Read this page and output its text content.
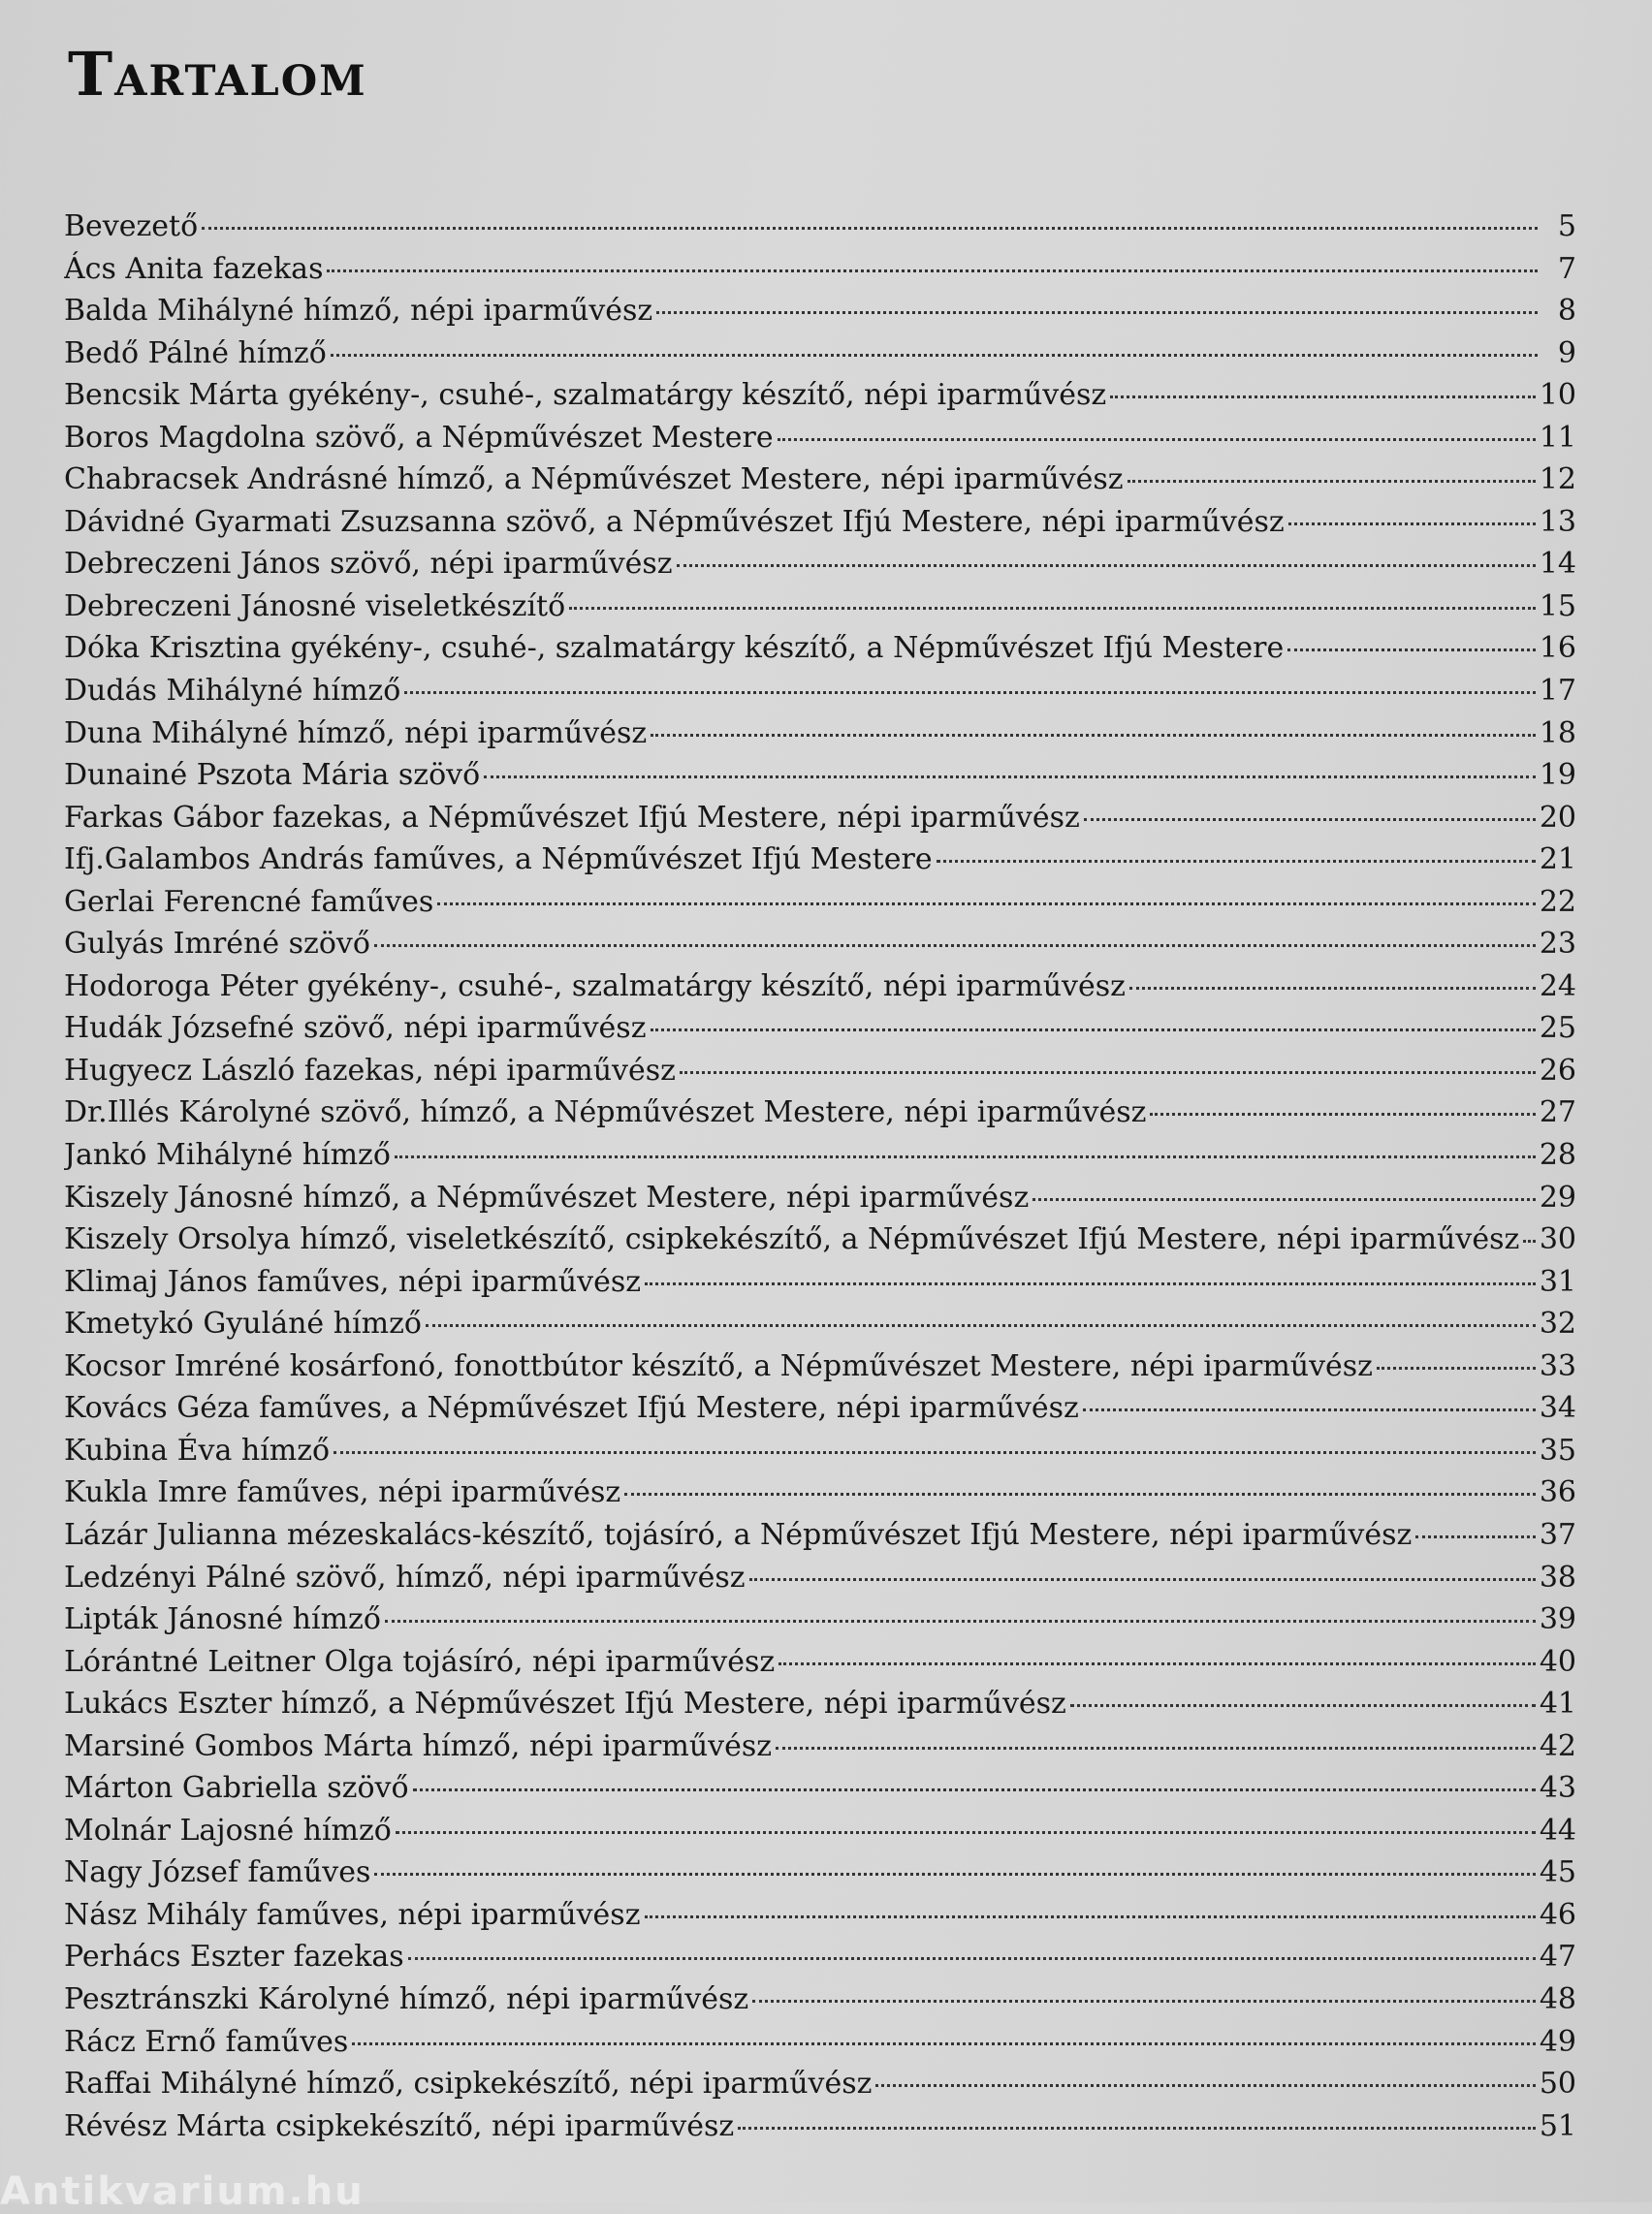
Tartalom
Bevezető	5
Ács Anita fazekas	7
Balda Mihályné hímző, népi iparművész	8
Bedő Pálné hímző	9
Bencsik Márta gyékény-, csuhé-, szalmatárgy készítő, népi iparművész	10
Boros Magdolna szövő, a Népművészet Mestere	11
Chabracsek Andrásné hímző, a Népművészet Mestere, népi iparművész	12
Dávidné Gyarmati Zsuzsanna szövő, a Népművészet Ifjú Mestere, népi iparművész	13
Debreczeni János szövő, népi iparművész	14
Debreczeni Jánosné viseletkészítő	15
Dóka Krisztina gyékény-, csuhé-, szalmatárgy készítő, a Népművészet Ifjú Mestere	16
Dudás Mihályné hímző	17
Duna Mihályné hímző, népi iparművész	18
Dunainé Pszota Mária szövő	19
Farkas Gábor fazekas, a Népművészet Ifjú Mestere, népi iparművész	20
Ifj.Galambos András faműves, a Népművészet Ifjú Mestere	21
Gerlai Ferencné faműves	22
Gulyás Imréné szövő	23
Hodoroga Péter gyékény-, csuhé-, szalmatárgy készítő, népi iparművész	24
Hudák Józsefné szövő, népi iparművész	25
Hugyecz László fazekas, népi iparművész	26
Dr.Illés Károlyné szövő, hímző, a Népművészet Mestere, népi iparművész	27
Jankó Mihályné hímző	28
Kiszely Jánosné hímző, a Népművészet Mestere, népi iparművész	29
Kiszely Orsolya hímző, viseletkészítő, csipkekészítő, a Népművészet Ifjú Mestere, népi iparművész 30
Klimaj János faműves, népi iparművész	31
Kmetykó Gyuláné hímző	32
Kocsor Imréné kosárfonó, fonottbútor készítő, a Népművészet Mestere, népi iparművész	33
Kovács Géza faműves, a Népművészet Ifjú Mestere, népi iparművész	34
Kubina Éva hímző	35
Kukla Imre faműves, népi iparművész	36
Lázár Julianna mézeskalács-készítő, tojásíró, a Népművészet Ifjú Mestere, népi iparművész	37
Ledzényi Pálné szövő, hímző, népi iparművész	38
Lipták Jánosné hímző	39
Lórántné Leitner Olga tojásíró, népi iparművész	40
Lukács Eszter hímző, a Népművészet Ifjú Mestere, népi iparművész	41
Marsiné Gombos Márta hímző, népi iparművész	42
Márton Gabriella szövő	43
Molnár Lajosné hímző	44
Nagy József faműves	45
Nász Mihály faműves, népi iparművész	46
Perhács Eszter fazekas	47
Pesztránszki Károlyné hímző, népi iparművész	48
Rácz Ernő faműves	49
Raffai Mihályné hímző, csipkekészítő, népi iparművész	50
Révész Márta csipkekészítő, népi iparművész	51
Antikvarium.hu
